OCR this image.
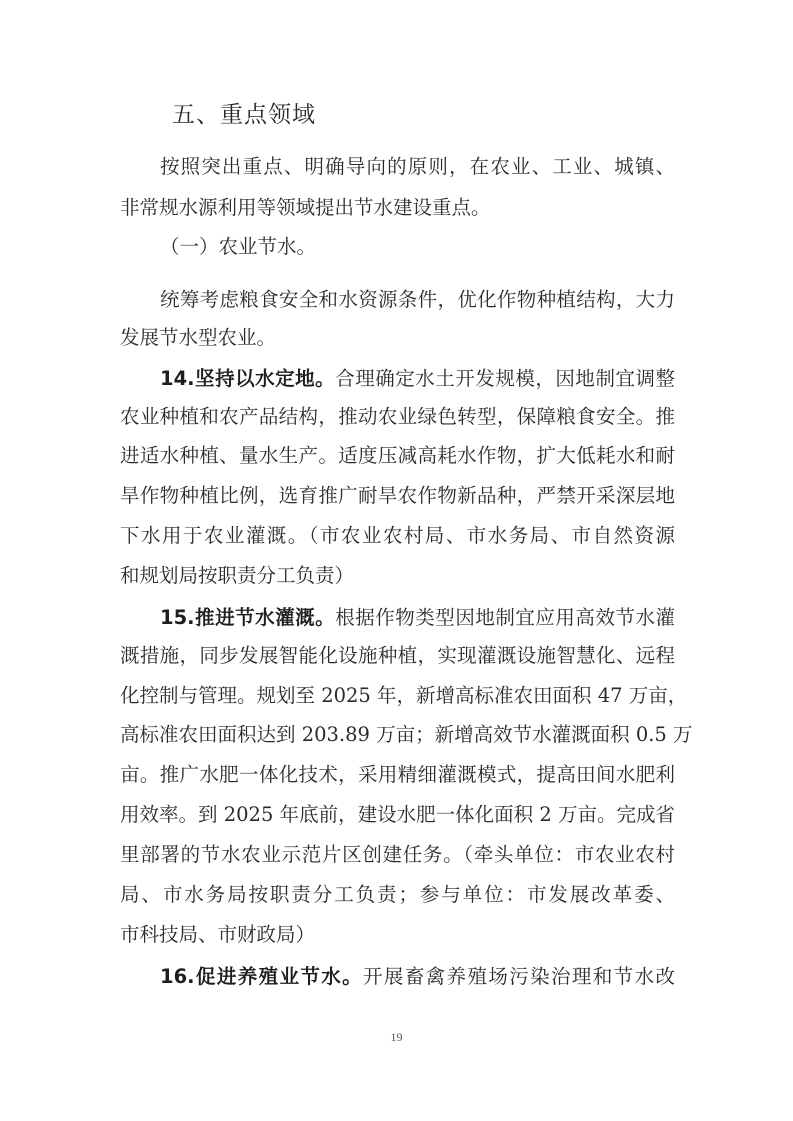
五、重点领域
按照突出重点、明确导向的原则，在农业、工业、城镇、
非常规水源利用等领域提出节水建设重点。
（一）农业节水。
统筹考虑粮食安全和水资源条件，优化作物种植结构，大力
发展节水型农业。
14.坚持以水定地。合理确定水土开发规模，因地制宜调整
农业种植和农产品结构，推动农业绿色转型，保障粮食安全。推
进适水种植、量水生产。适度压减高耗水作物，扩大低耗水和耐
旱作物种植比例，选育推广耐旱农作物新品种，严禁开采深层地
下水用于农业灌溉。（市农业农村局、市水务局、市自然资源
和规划局按职责分工负责）
15.推进节水灌溉。根据作物类型因地制宜应用高效节水灌
溉措施，同步发展智能化设施种植，实现灌溉设施智慧化、远程
化控制与管理。规划至 2025 年，新增高标准农田面积 47 万亩，
高标准农田面积达到 203.89 万亩；新增高效节水灌溉面积 0.5 万
亩。推广水肥一体化技术，采用精细灌溉模式，提高田间水肥利
用效率。到 2025 年底前，建设水肥一体化面积 2 万亩。完成省
里部署的节水农业示范片区创建任务。（牵头单位：市农业农村
局、市水务局按职责分工负责；参与单位：市发展改革委、
市科技局、市财政局）
16.促进养殖业节水。开展畜禽养殖场污染治理和节水改
19
